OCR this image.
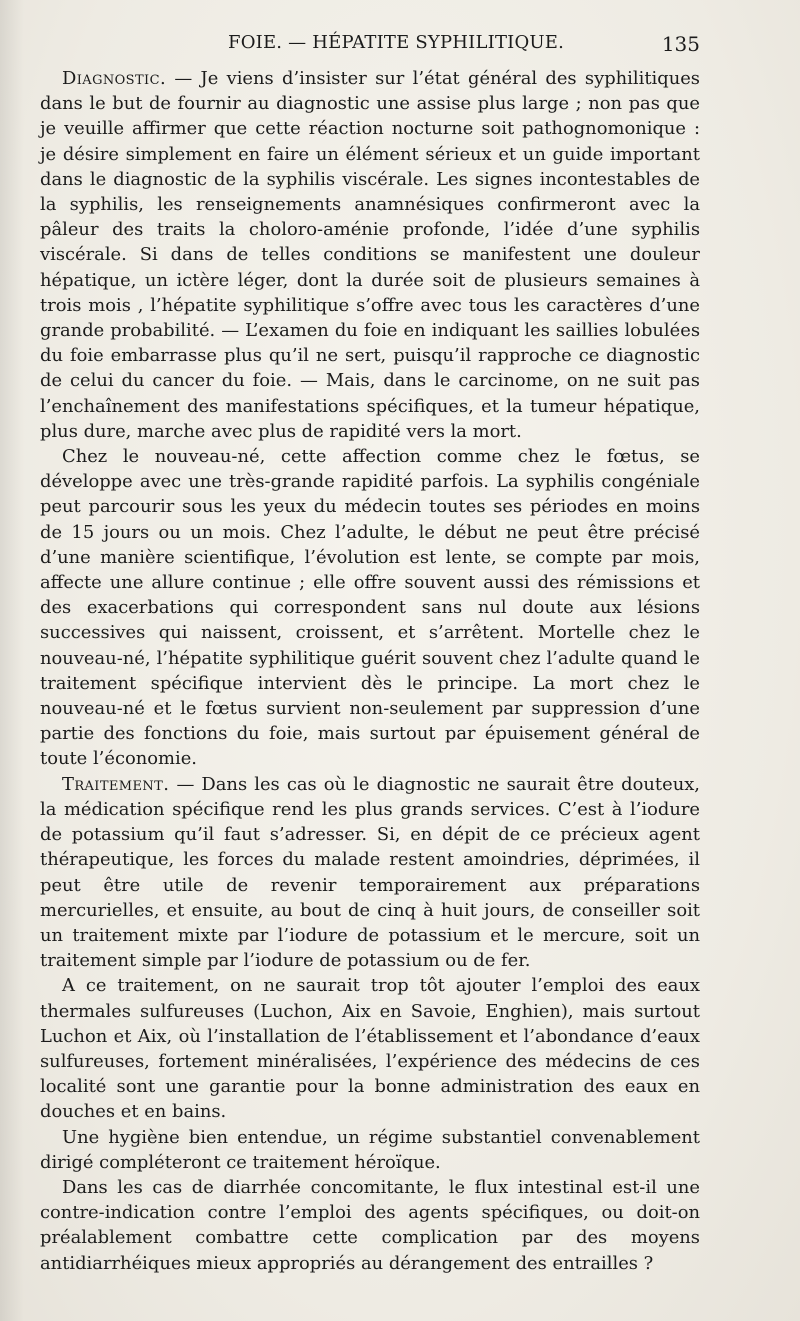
FOIE. — HÉPATITE SYPHILITIQUE.	135

Diagnostic. — Je viens d’insister sur l’état général des syphilitiques dans le but de fournir au diagnostic une assise plus large ; non pas que je veuille affirmer que cette réaction nocturne soit pathognomonique : je désire simplement en faire un élément sérieux et un guide important dans le diagnostic de la syphilis viscérale. Les signes incontestables de la syphilis, les renseignements anamnésiques confirmeront avec la pâleur des traits la choloro-aménie profonde, l’idée d’une syphilis viscérale. Si dans de telles conditions se manifestent une douleur hépatique, un ictère léger, dont la durée soit de plusieurs semaines à trois mois , l’hépatite syphilitique s’offre avec tous les caractères d’une grande probabilité. — L’examen du foie en indiquant les saillies lobulées du foie embarrasse plus qu’il ne sert, puisqu’il rapproche ce diagnostic de celui du cancer du foie. — Mais, dans le carcinome, on ne suit pas l’enchaînement des manifestations spécifiques, et la tumeur hépatique, plus dure, marche avec plus de rapidité vers la mort.

Chez le nouveau-né, cette affection comme chez le fœtus, se développe avec une très-grande rapidité parfois. La syphilis congéniale peut parcourir sous les yeux du médecin toutes ses périodes en moins de 15 jours ou un mois. Chez l’adulte, le début ne peut être précisé d’une manière scientifique, l’évolution est lente, se compte par mois, affecte une allure continue ; elle offre souvent aussi des rémissions et des exacerbations qui correspondent sans nul doute aux lésions successives qui naissent, croissent, et s’arrêtent. Mortelle chez le nouveau-né, l’hépatite syphilitique guérit souvent chez l’adulte quand le traitement spécifique intervient dès le principe. La mort chez le nouveau-né et le fœtus survient non-seulement par suppression d’une partie des fonctions du foie, mais surtout par épuisement général de toute l’économie.

Traitement. — Dans les cas où le diagnostic ne saurait être douteux, la médication spécifique rend les plus grands services. C’est à l’iodure de potassium qu’il faut s’adresser. Si, en dépit de ce précieux agent thérapeutique, les forces du malade restent amoindries, déprimées, il peut être utile de revenir temporairement aux préparations mercurielles, et ensuite, au bout de cinq à huit jours, de conseiller soit un traitement mixte par l’iodure de potassium et le mercure, soit un traitement simple par l’iodure de potassium ou de fer.

A ce traitement, on ne saurait trop tôt ajouter l’emploi des eaux thermales sulfureuses (Luchon, Aix en Savoie, Enghien), mais surtout Luchon et Aix, où l’installation de l’établissement et l’abondance d’eaux sulfureuses, fortement minéralisées, l’expérience des médecins de ces localité sont une garantie pour la bonne administration des eaux en douches et en bains.

Une hygiène bien entendue, un régime substantiel convenablement dirigé compléteront ce traitement héroïque.

Dans les cas de diarrhée concomitante, le flux intestinal est-il une contre-indication contre l’emploi des agents spécifiques, ou doit-on préalablement combattre cette complication par des moyens antidiarrhéiques mieux appropriés au dérangement des entrailles ?
